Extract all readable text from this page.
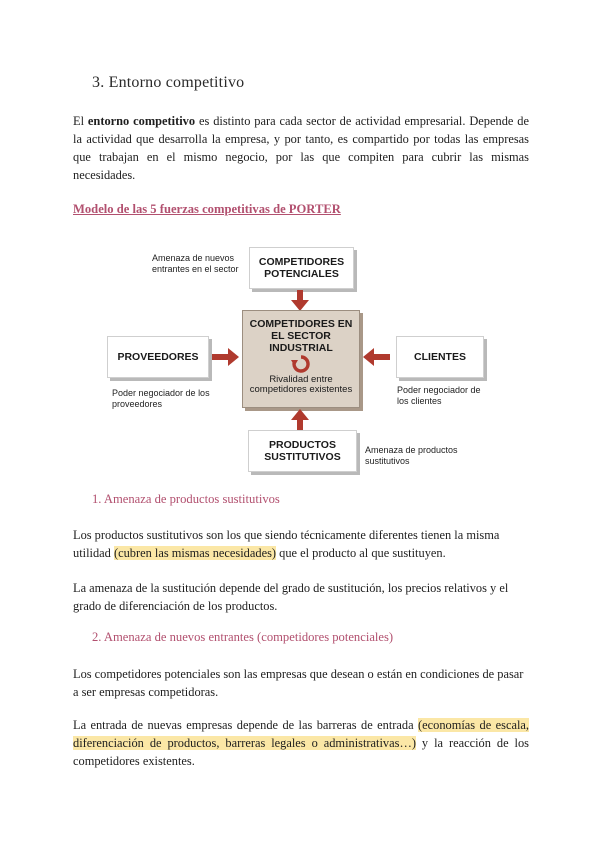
3. Entorno competitivo

El entorno competitivo es distinto para cada sector de actividad empresarial. Depende de la actividad que desarrolla la empresa, y por tanto, es compartido por todas las empresas que trabajan en el mismo negocio, por las que compiten para cubrir las mismas necesidades.

Modelo de las 5 fuerzas competitivas de PORTER
Amenaza de nuevos entrantes en el sector
COMPETIDORES POTENCIALES
COMPETIDORES EN EL SECTOR INDUSTRIAL
Rivalidad entre competidores existentes
PROVEEDORES
Poder negociador de los proveedores
CLIENTES
Poder negociador de los clientes
PRODUCTOS SUSTITUTIVOS
Amenaza de productos sustitutivos
1. Amenaza de productos sustitutivos

Los productos sustitutivos son los que siendo técnicamente diferentes tienen la misma utilidad (cubren las mismas necesidades) que el producto al que sustituyen.

La amenaza de la sustitución depende del grado de sustitución, los precios relativos y el grado de diferenciación de los productos.

2. Amenaza de nuevos entrantes (competidores potenciales)

Los competidores potenciales son las empresas que desean o están en condiciones de pasar a ser empresas competidoras.

La entrada de nuevas empresas depende de las barreras de entrada (economías de escala, diferenciación de productos, barreras legales o administrativas…) y la reacción de los competidores existentes.
